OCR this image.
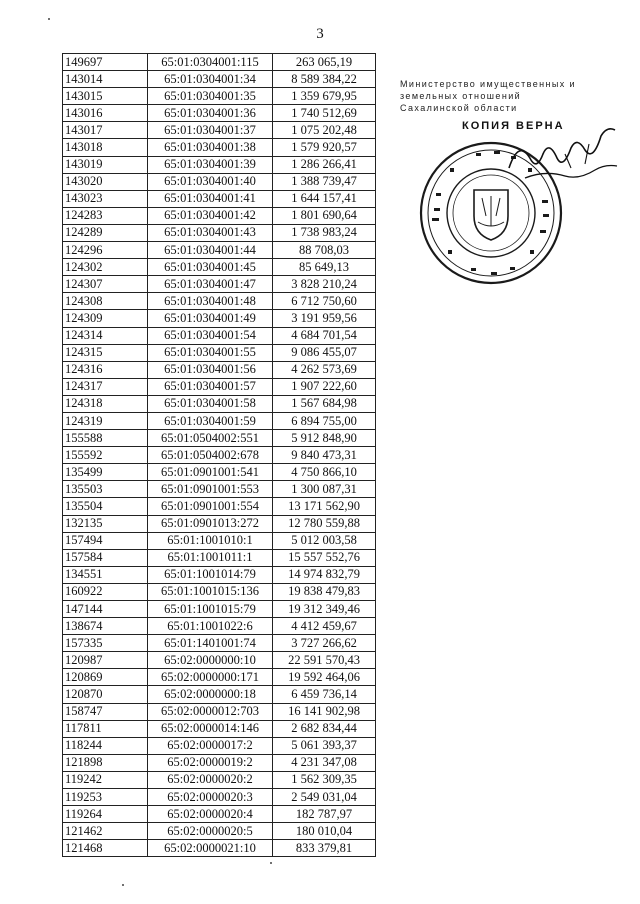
3
149697	65:01:0304001:115	263 065,19
143014	65:01:0304001:34	8 589 384,22
143015	65:01:0304001:35	1 359 679,95
143016	65:01:0304001:36	1 740 512,69
143017	65:01:0304001:37	1 075 202,48
143018	65:01:0304001:38	1 579 920,57
143019	65:01:0304001:39	1 286 266,41
143020	65:01:0304001:40	1 388 739,47
143023	65:01:0304001:41	1 644 157,41
124283	65:01:0304001:42	1 801 690,64
124289	65:01:0304001:43	1 738 983,24
124296	65:01:0304001:44	88 708,03
124302	65:01:0304001:45	85 649,13
124307	65:01:0304001:47	3 828 210,24
124308	65:01:0304001:48	6 712 750,60
124309	65:01:0304001:49	3 191 959,56
124314	65:01:0304001:54	4 684 701,54
124315	65:01:0304001:55	9 086 455,07
124316	65:01:0304001:56	4 262 573,69
124317	65:01:0304001:57	1 907 222,60
124318	65:01:0304001:58	1 567 684,98
124319	65:01:0304001:59	6 894 755,00
155588	65:01:0504002:551	5 912 848,90
155592	65:01:0504002:678	9 840 473,31
135499	65:01:0901001:541	4 750 866,10
135503	65:01:0901001:553	1 300 087,31
135504	65:01:0901001:554	13 171 562,90
132135	65:01:0901013:272	12 780 559,88
157494	65:01:1001010:1	5 012 003,58
157584	65:01:1001011:1	15 557 552,76
134551	65:01:1001014:79	14 974 832,79
160922	65:01:1001015:136	19 838 479,83
147144	65:01:1001015:79	19 312 349,46
138674	65:01:1001022:6	4 412 459,67
157335	65:01:1401001:74	3 727 266,62
120987	65:02:0000000:10	22 591 570,43
120869	65:02:0000000:171	19 592 464,06
120870	65:02:0000000:18	6 459 736,14
158747	65:02:0000012:703	16 141 902,98
117811	65:02:0000014:146	2 682 834,44
118244	65:02:0000017:2	5 061 393,37
121898	65:02:0000019:2	4 231 347,08
119242	65:02:0000020:2	1 562 309,35
119253	65:02:0000020:3	2 549 031,04
119264	65:02:0000020:4	182 787,97
121462	65:02:0000020:5	180 010,04
121468	65:02:0000021:10	833 379,81
Министерство имущественных и земельных отношений Сахалинской области
КОПИЯ ВЕРНА
